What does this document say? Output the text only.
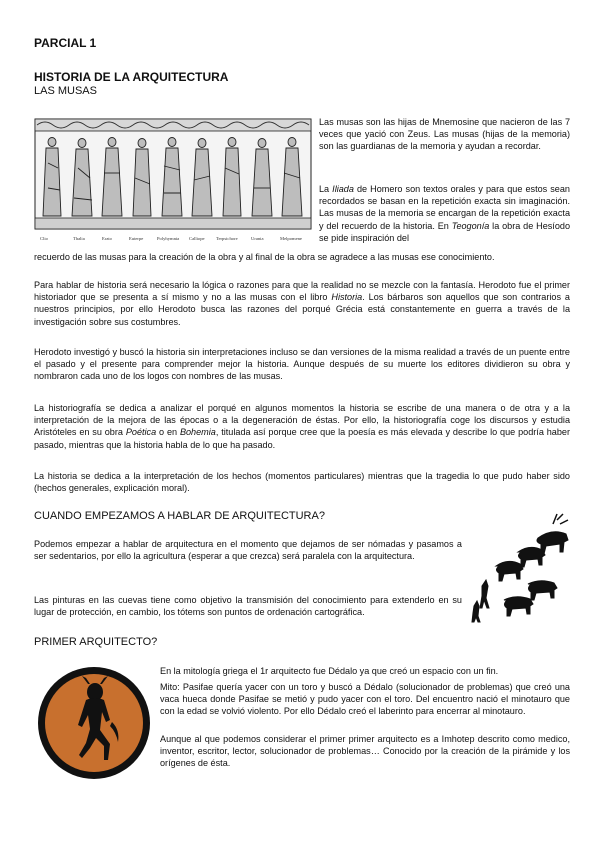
PARCIAL 1
HISTORIA DE LA ARQUITECTURA
LAS MUSAS
Clio	Thalia	Erato	Euterpe	Polyhymnia Calliope Terpsichore	Urania	Melpomene

Las musas son las hijas de Mnemosine que nacieron de las 7 veces que yació con Zeus. Las musas (hijas de la memoria) son las guardianas de la memoria y ayudan a recordar.

La Iliada de Homero son textos orales y para que estos sean recordados se basan en la repetición exacta sin imaginación. Las musas de la memoria se encargan de la repetición exacta y del recuerdo de la historia. En Teogonía la obra de Hesíodo se pide inspiración del

recuerdo de las musas para la creación de la obra y al final de la obra se agradece a las musas ese conocimiento.

Para hablar de historia será necesario la lógica o razones para que la realidad no se mezcle con la fantasía. Herodoto fue el primer historiador que se presenta a sí mismo y no a las musas con el libro Historia. Los bárbaros son aquellos que son contrarios a nuestros principios, por ello Herodoto busca las razones del porqué Grécia está constantemente en guerra a través de la investigación sobre sus costumbres.

Herodoto investigó y buscó la historia sin interpretaciones incluso se dan versiones de la misma realidad a través de un puente entre el pasado y el presente para comprender mejor la historia. Aunque después de su muerte los editores dividieron su obra y nombraron cada uno de los logos con nombres de las musas.

La historiografía se dedica a analizar el porqué en algunos momentos la historia se escribe de una manera o de otra y a la interpretación de la mejora de las épocas o a la degeneración de éstas. Por ello, la historiografía coge los discursos y estudia Aristóteles en su obra Poética o en Bohemia, titulada así porque cree que la poesía es más elevada y describe lo que podría haber pasado, mientras que la historia habla de lo que ha pasado.

La historia se dedica a la interpretación de los hechos (momentos particulares) mientras que la tragedia lo que pudo haber sido (hechos generales, explicación moral).

CUANDO EMPEZAMOS A HABLAR DE ARQUITECTURA?

Podemos empezar a hablar de arquitectura en el momento que dejamos de ser nómadas y pasamos a ser sedentarios, por ello la agricultura (esperar a que crezca) será paralela con la arquitectura.

Las pinturas en las cuevas tiene como objetivo la transmisión del conocimiento para extenderlo en su lugar de protección, en cambio, los tótems son puntos de ordenación cartográfica.

PRIMER ARQUITECTO?

En la mitología griega el 1r arquitecto fue Dédalo ya que creó un espacio con un fin.

Mito: Pasifae quería yacer con un toro y buscó a Dédalo (solucionador de problemas) que creó una vaca hueca donde Pasifae se metió y pudo yacer con el toro. Del encuentro nació el minotauro que con la edad se volvió violento. Por ello Dédalo creó el laberinto para encerrar al minotauro.

Aunque al que podemos considerar el primer primer arquitecto es a Imhotep descrito como medico, inventor, escritor, lector, solucionador de problemas… Conocido por la creación de la pirámide y los orígenes de ésta.
